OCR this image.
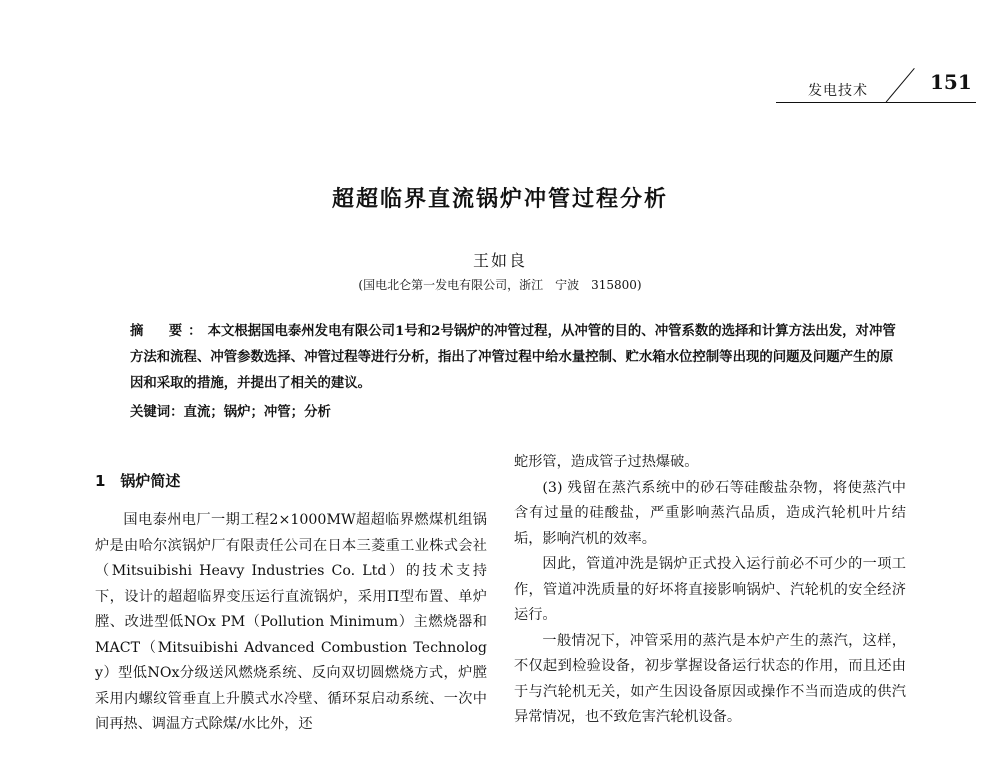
发电技术	151
超超临界直流锅炉冲管过程分析
王如良
(国电北仑第一发电有限公司，浙江　宁波　315800)
摘　要：本文根据国电泰州发电有限公司1号和2号锅炉的冲管过程，从冲管的目的、冲管系数的选择和计算方法出发，对冲管方法和流程、冲管参数选择、冲管过程等进行分析，指出了冲管过程中给水量控制、贮水箱水位控制等出现的问题及问题产生的原因和采取的措施，并提出了相关的建议。
关键词：直流；锅炉；冲管；分析
1　锅炉简述

国电泰州电厂一期工程2×1000MW超超临界燃煤机组锅炉是由哈尔滨锅炉厂有限责任公司在日本三菱重工业株式会社（Mitsuibishi Heavy Industries Co. Ltd）的技术支持下，设计的超超临界变压运行直流锅炉，采用Π型布置、单炉膛、改进型低NOx PM（Pollution Minimum）主燃烧器和MACT（Mitsuibishi Advanced Combustion Technology）型低NOx分级送风燃烧系统、反向双切圆燃烧方式，炉膛采用内螺纹管垂直上升膜式水冷壁、循环泵启动系统、一次中间再热、调温方式除煤/水比外，还

蛇形管，造成管子过热爆破。

(3) 残留在蒸汽系统中的砂石等硅酸盐杂物，将使蒸汽中含有过量的硅酸盐，严重影响蒸汽品质，造成汽轮机叶片结垢，影响汽机的效率。

因此，管道冲洗是锅炉正式投入运行前必不可少的一项工作，管道冲洗质量的好坏将直接影响锅炉、汽轮机的安全经济运行。

一般情况下，冲管采用的蒸汽是本炉产生的蒸汽，这样，不仅起到检验设备，初步掌握设备运行状态的作用，而且还由于与汽轮机无关，如产生因设备原因或操作不当而造成的供汽异常情况，也不致危害汽轮机设备。
